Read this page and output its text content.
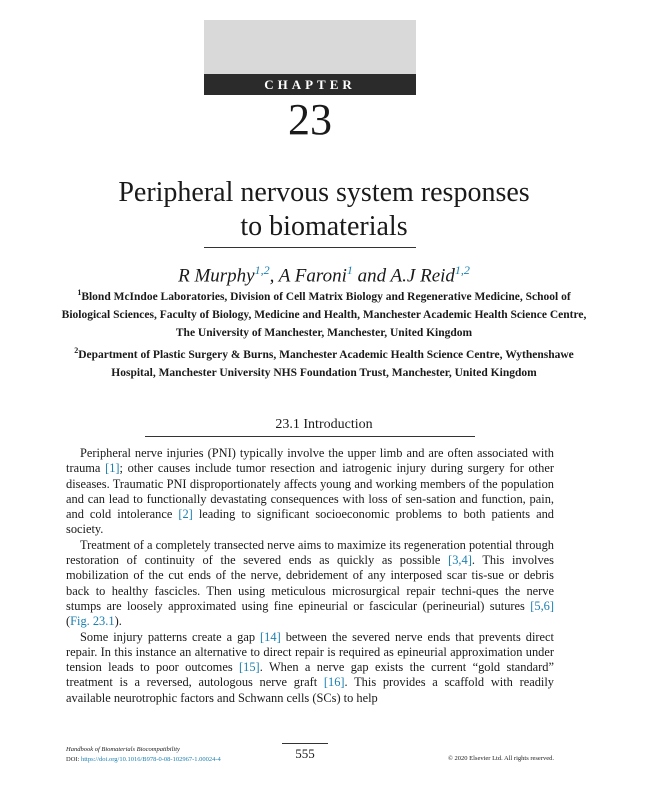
CHAPTER
23
Peripheral nervous system responses
to biomaterials
R Murphy$^{1,2}$, A Faroni$^1$ and A.J Reid$^{1,2}$
$^1$Blond McIndoe Laboratories, Division of Cell Matrix Biology and Regenerative Medicine, School of Biological Sciences, Faculty of Biology, Medicine and Health, Manchester Academic Health Science Centre, The University of Manchester, Manchester, United Kingdom
$^2$Department of Plastic Surgery & Burns, Manchester Academic Health Science Centre, Wythenshawe Hospital, Manchester University NHS Foundation Trust, Manchester, United Kingdom
23.1 Introduction

Peripheral nerve injuries (PNI) typically involve the upper limb and are often associated with trauma [1]; other causes include tumor resection and iatrogenic injury during surgery for other diseases. Traumatic PNI disproportionately affects young and working members of the population and can lead to functionally devastating consequences with loss of sen-sation and function, pain, and cold intolerance [2] leading to significant socioeconomic problems to both patients and society.

Treatment of a completely transected nerve aims to maximize its regeneration potential through restoration of continuity of the severed ends as quickly as possible [3,4]. This involves mobilization of the cut ends of the nerve, debridement of any interposed scar tis-sue or debris back to healthy fascicles. Then using meticulous microsurgical repair techni-ques the nerve stumps are loosely approximated using fine epineurial or fascicular (perineurial) sutures [5,6] (Fig. 23.1).

Some injury patterns create a gap [14] between the severed nerve ends that prevents direct repair. In this instance an alternative to direct repair is required as epineurial approximation under tension leads to poor outcomes [15]. When a nerve gap exists the current “gold standard” treatment is a reversed, autologous nerve graft [16]. This provides a scaffold with readily available neurotrophic factors and Schwann cells (SCs) to help

Handbook of Biomaterials Biocompatibility
DOI: https://doi.org/10.1016/B978-0-08-102967-1.00024-4	555	© 2020 Elsevier Ltd. All rights reserved.
